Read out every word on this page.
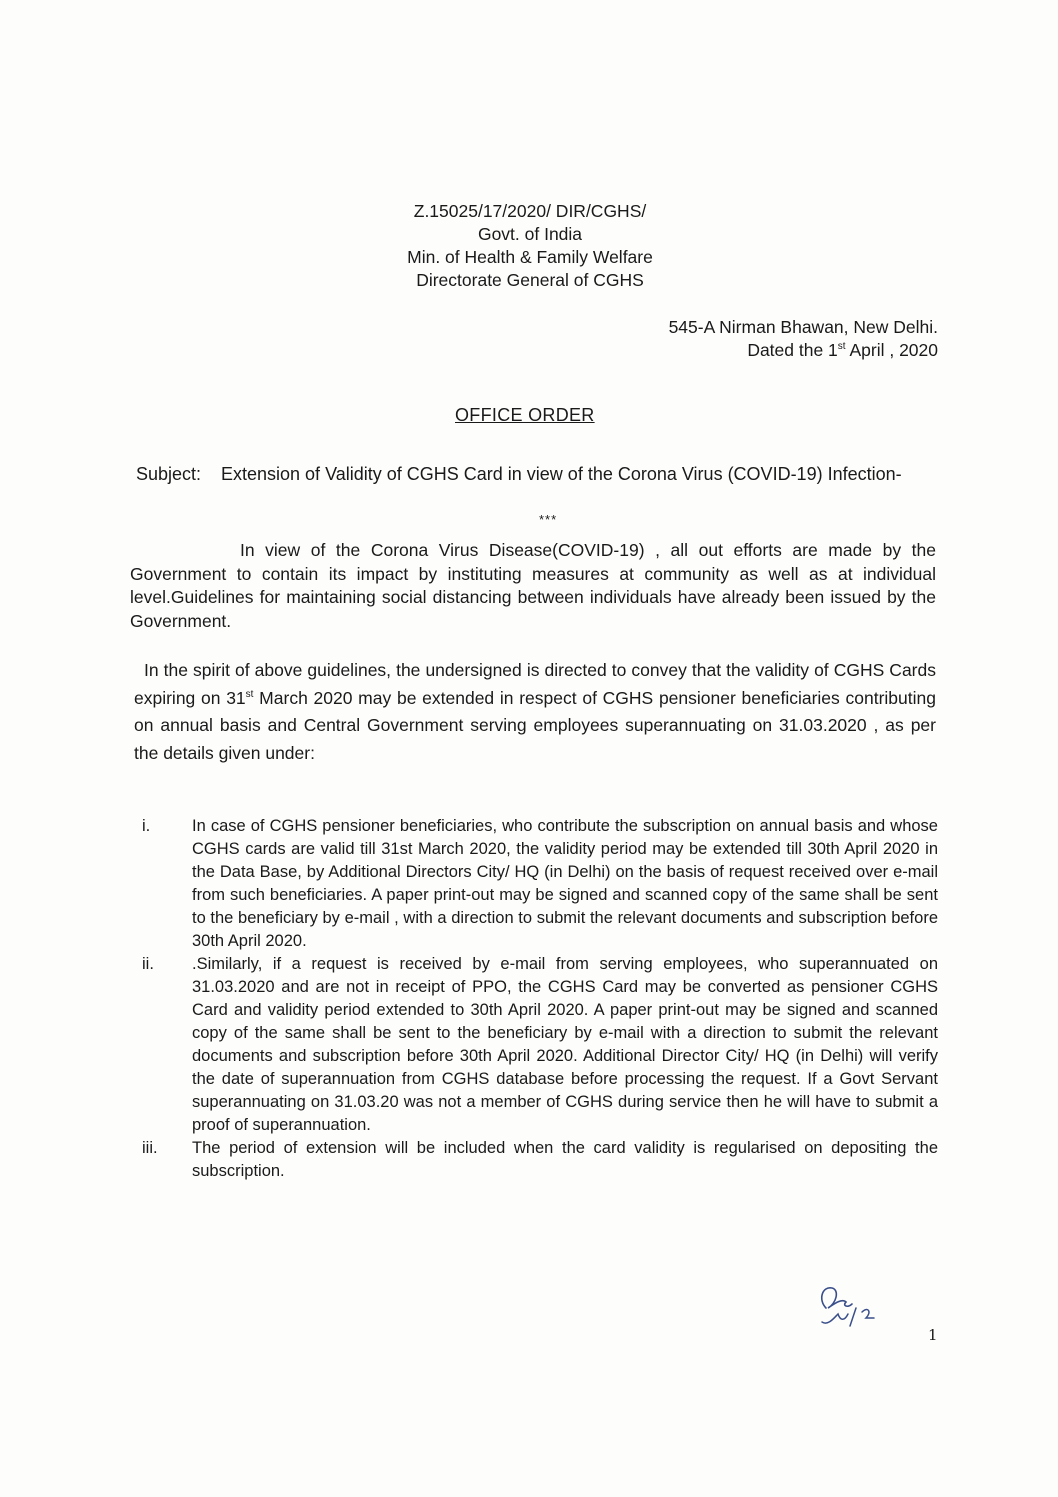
Z.15025/17/2020/ DIR/CGHS/
Govt. of India
Min. of Health & Family Welfare
Directorate General of CGHS
545-A Nirman Bhawan, New Delhi.
Dated the 1st April , 2020
OFFICE ORDER
Subject: Extension of Validity of CGHS Card in view of the Corona Virus (COVID-19) Infection-
***
In view of the Corona Virus Disease(COVID-19) , all out efforts are made by the Government to contain its impact by instituting measures at community as well as at individual level.Guidelines for maintaining social distancing between individuals have already been issued by the Government.
In the spirit of above guidelines, the undersigned is directed to convey that the validity of CGHS Cards expiring on 31st March 2020 may be extended in respect of CGHS pensioner beneficiaries contributing on annual basis and Central Government serving employees superannuating on 31.03.2020 , as per the details given under:

i.	In case of CGHS pensioner beneficiaries, who contribute the subscription on annual basis and whose CGHS cards are valid till 31st March 2020, the validity period may be extended till 30th April 2020 in the Data Base, by Additional Directors City/ HQ (in Delhi) on the basis of request received over e-mail from such beneficiaries. A paper print-out may be signed and scanned copy of the same shall be sent to the beneficiary by e-mail , with a direction to submit the relevant documents and subscription before 30th April 2020.

ii. .Similarly, if a request is received by e-mail from serving employees, who superannuated on 31.03.2020 and are not in receipt of PPO, the CGHS Card may be converted as pensioner CGHS Card and validity period extended to 30th April 2020. A paper print-out may be signed and scanned copy of the same shall be sent to the beneficiary by e-mail with a direction to submit the relevant documents and subscription before 30th April 2020. Additional Director City/ HQ (in Delhi) will verify the date of superannuation from CGHS database before processing the request. If a Govt Servant superannuating on 31.03.20 was not a member of CGHS during service then he will have to submit a proof of superannuation.

iii. The period of extension will be included when the card validity is regularised on depositing the subscription.

1
